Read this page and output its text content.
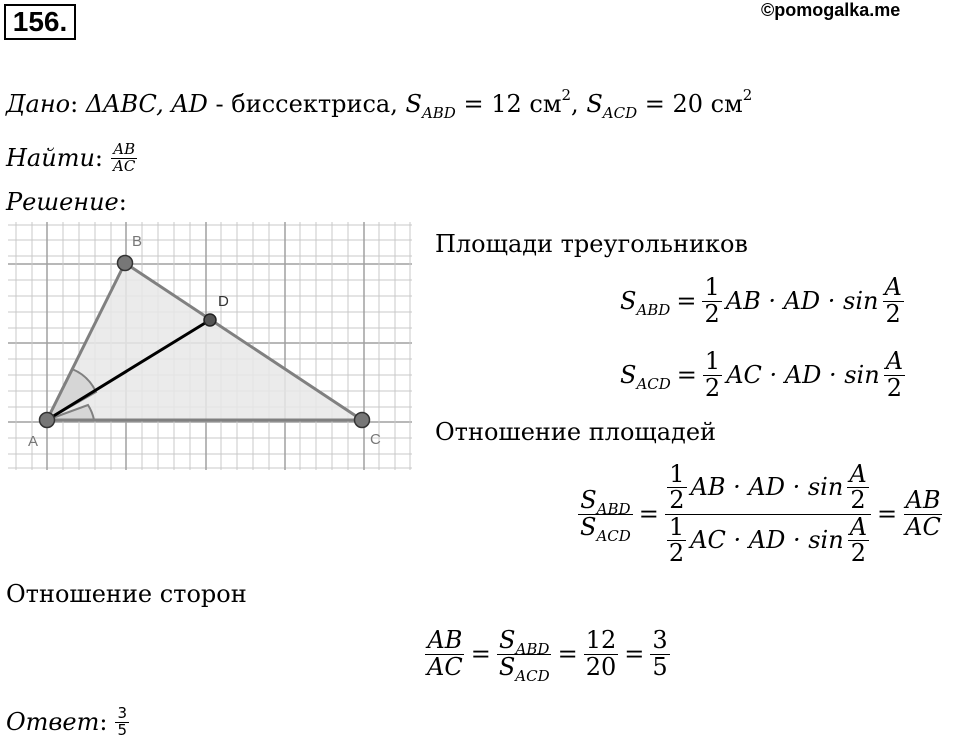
156.	©pomogalka.me
Дано: ΔABC, AD - биссектриса, $S_{ABD} = 12$ $см^2$, $S_{ACD} = 20$ $см^2$
Найти : $\frac{AB}{AC}$
Решение:
B
D
A	C
Площади треугольников
$S_{ABD} = \frac{1}{2}$ AB · AD · $\sin \frac{A}{2}$
$S_{ACD} = \frac{1}{2}$ AC · AD · $\sin \frac{A}{2}$
Отношение площадей
$\frac{S_{ABD}}{S_{ACD}} = \frac{\frac{1}{2} AB \cdot AD \cdot \sin \frac{A}{2}}{\frac{1}{2} AC \cdot AD \cdot \sin \frac{A}{2}} = \frac{AB}{AC}$
Отношение сторон
$\frac{AB}{AC} = \frac{S_{ABD}}{S_{ACD}} = \frac{12}{20} = \frac{3}{5}$
Ответ : $\frac{3}{5}$
